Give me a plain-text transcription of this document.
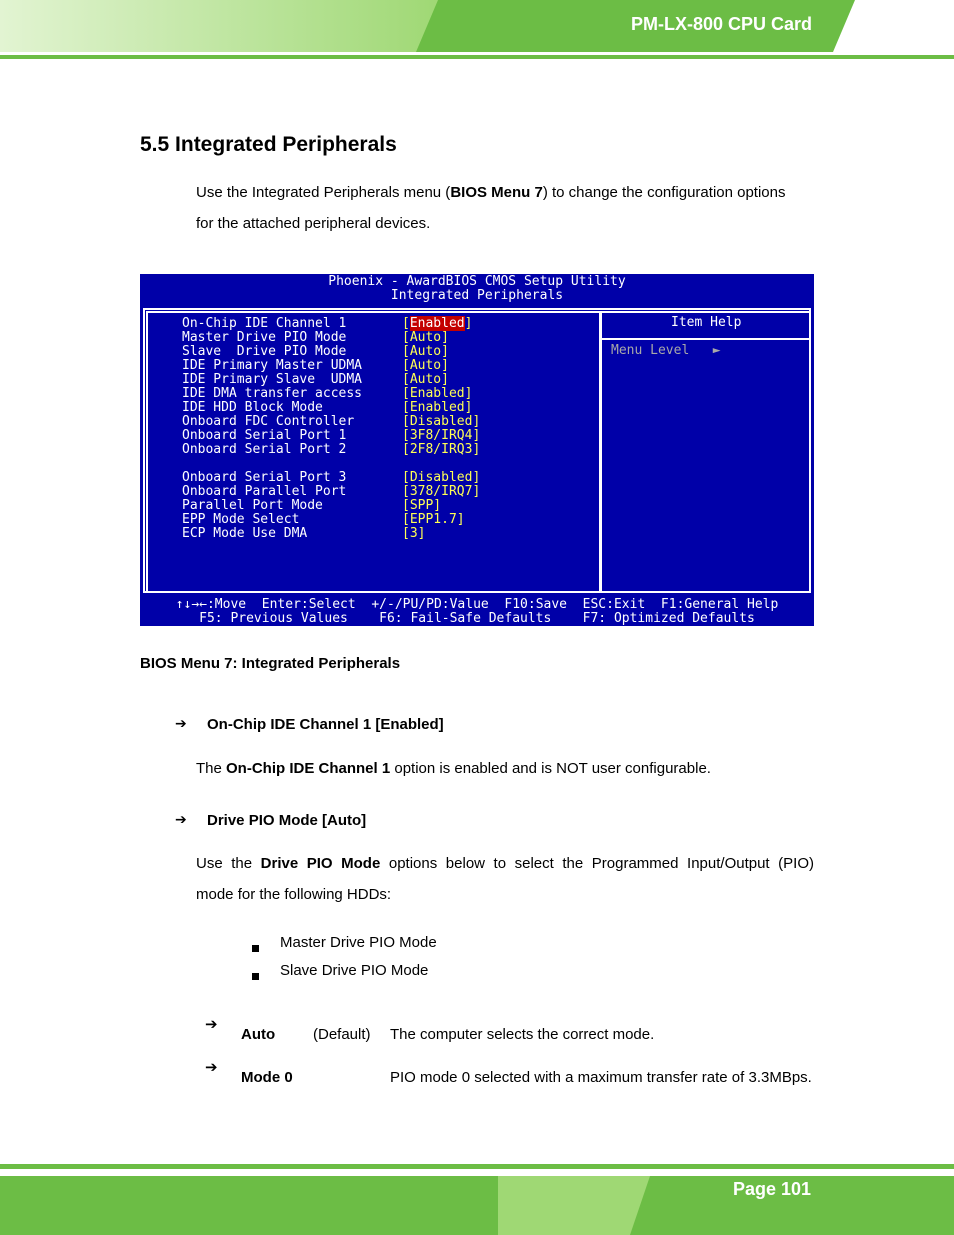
PM-LX-800 CPU Card
5.5 Integrated Peripherals
Use the Integrated Peripherals menu (BIOS Menu 7) to change the configuration options
for the attached peripheral devices.
Phoenix - AwardBIOS CMOS Setup Utility
Integrated Peripherals
On-Chip IDE Channel 1	[Enabled]
Master Drive PIO Mode	[Auto]
Slave  Drive PIO Mode	[Auto]
IDE Primary Master UDMA	[Auto]
IDE Primary Slave  UDMA	[Auto]
IDE DMA transfer access	[Enabled]
IDE HDD Block Mode	[Enabled]
Onboard FDC Controller	[Disabled]
Onboard Serial Port 1	[3F8/IRQ4]
Onboard Serial Port 2	[2F8/IRQ3]
Onboard Serial Port 3	[Disabled]
Onboard Parallel Port	[378/IRQ7]
Parallel Port Mode	[SPP]
EPP Mode Select	[EPP1.7]
ECP Mode Use DMA	[3]
Item Help
Menu Level   ►
↑↓→←:Move  Enter:Select  +/-/PU/PD:Value  F10:Save  ESC:Exit  F1:General Help
F5: Previous Values    F6: Fail-Safe Defaults    F7: Optimized Defaults
BIOS Menu 7: Integrated Peripherals
➔ On-Chip IDE Channel 1 [Enabled]
The On-Chip IDE Channel 1 option is enabled and is NOT user configurable.
➔ Drive PIO Mode [Auto]
Use the Drive PIO Mode options below to select the Programmed Input/Output (PIO)
mode for the following HDDs:
Master Drive PIO Mode
Slave Drive PIO Mode
➔
Auto	(Default) The computer selects the correct mode.
➔
Mode 0	PIO mode 0 selected with a maximum transfer rate of 3.3MBps.
Page 101
